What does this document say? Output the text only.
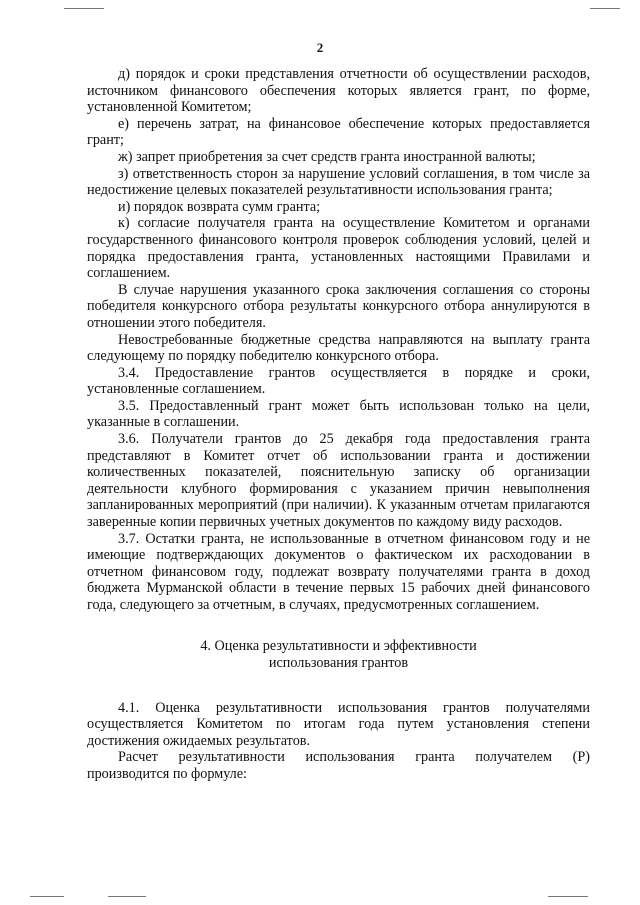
2

д) порядок и сроки представления отчетности об осуществлении расходов, источником финансового обеспечения которых является грант, по форме, установленной Комитетом;

е) перечень затрат, на финансовое обеспечение которых предоставляется грант;

ж) запрет приобретения за счет средств гранта иностранной валюты;

з) ответственность сторон за нарушение условий соглашения, в том числе за недостижение целевых показателей результативности использования гранта;

и) порядок возврата сумм гранта;

к) согласие получателя гранта на осуществление Комитетом и органами государственного финансового контроля проверок соблюдения условий, целей и порядка предоставления гранта, установленных настоящими Правилами и соглашением.

В случае нарушения указанного срока заключения соглашения со стороны победителя конкурсного отбора результаты конкурсного отбора аннулируются в отношении этого победителя.

Невостребованные бюджетные средства направляются на выплату гранта следующему по порядку победителю конкурсного отбора.

3.4. Предоставление грантов осуществляется в порядке и сроки, установленные соглашением.

3.5. Предоставленный грант может быть использован только на цели, указанные в соглашении.

3.6. Получатели грантов до 25 декабря года предоставления гранта представляют в Комитет отчет об использовании гранта и достижении количественных показателей, пояснительную записку об организации деятельности клубного формирования с указанием причин невыполнения запланированных мероприятий (при наличии). К указанным отчетам прилагаются заверенные копии первичных учетных документов по каждому виду расходов.

3.7. Остатки гранта, не использованные в отчетном финансовом году и не имеющие подтверждающих документов о фактическом их расходовании в отчетном финансовом году, подлежат возврату получателями гранта в доход бюджета Мурманской области в течение первых 15 рабочих дней финансового года, следующего за отчетным, в случаях, предусмотренных соглашением.

4. Оценка результативности и эффективности
использования грантов

4.1. Оценка результативности использования грантов получателями осуществляется Комитетом по итогам года путем установления степени достижения ожидаемых результатов.

Расчет результативности использования гранта получателем (Р) производится по формуле:
